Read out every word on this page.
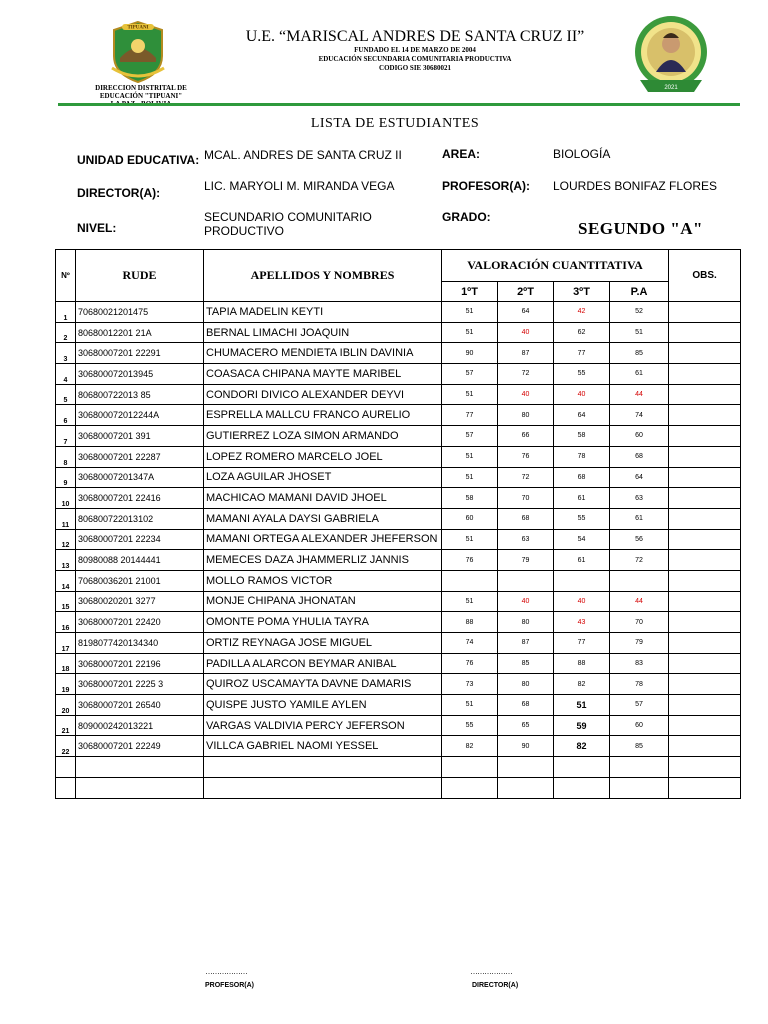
TIPUANI
DIRECCION DISTRITAL DE
EDUCACIÓN "TIPUANI"
U.E. “MARISCAL ANDRES DE SANTA CRUZ II”
FUNDADO EL 14 DE MARZO DE 2004
EDUCACIÓN SECUNDARIA COMUNITARIA PRODUCTIVA
CODIGO SIE 30680021
2021
LISTA DE ESTUDIANTES
UNIDAD EDUCATIVA: MCAL. ANDRES DE SANTA CRUZ II	AREA:	BIOLOGÍA
DIRECTOR(A):	LIC. MARYOLI M. MIRANDA VEGA	PROFESOR(A): LOURDES BONIFAZ FLORES
NIVEL:
SECUNDARIO COMUNITARIO
PRODUCTIVO
GRADO:
SEGUNDO "A"
Nº	RUDE	APELLIDOS Y NOMBRES	VALORACIÓN CUANTITATIVA				OBS.
			1ºT	2ºT	3ºT	P.A	
1	70680021201475	TAPIA MADELIN KEYTI	51	64	42	52	
2	80680012201 21A	BERNAL LIMACHI JOAQUIN	51	40	62	51	
3	30680007201 22291	CHUMACERO MENDIETA IBLIN DAVINIA	90	87	77	85	
4	306800072013945	COASACA CHIPANA MAYTE MARIBEL	57	72	55	61	
5	806800722013 85	CONDORI DIVICO ALEXANDER DEYVI	51	40	40	44	
6	306800072012244A	ESPRELLA MALLCU FRANCO AURELIO	77	80	64	74	
7	30680007201 391	GUTIERREZ LOZA SIMON ARMANDO	57	66	58	60	
8	30680007201 22287	LOPEZ ROMERO MARCELO JOEL	51	76	78	68	
9	30680007201347A	LOZA AGUILAR JHOSET	51	72	68	64	
10	30680007201 22416	MACHICAO MAMANI DAVID JHOEL	58	70	61	63	
11	806800722013102	MAMANI AYALA DAYSI GABRIELA	60	68	55	61	
12	30680007201 22234	MAMANI ORTEGA ALEXANDER JHEFERSON	51	63	54	56	
13	80980088 20144441	MEMECES DAZA JHAMMERLIZ JANNIS	76	79	61	72	
14	70680036201 21001	MOLLO RAMOS VICTOR					
15	30680020201 3277	MONJE CHIPANA JHONATAN	51	40	40	44	
16	30680007201 22420	OMONTE POMA YHULIA TAYRA	88	80	43	70	
17	8198077420134340	ORTIZ REYNAGA JOSE MIGUEL	74	87	77	79	
18	30680007201 22196	PADILLA ALARCON BEYMAR ANIBAL	76	85	88	83	
19	30680007201 2225 3	QUIROZ USCAMAYTA DAVNE DAMARIS	73	80	82	78	
20	30680007201 26540	QUISPE JUSTO YAMILE AYLEN	51	68	51	57	
21	809000242013221	VARGAS VALDIVIA PERCY JEFERSON	55	65	59	60	
22	30680007201 22249	VILLCA GABRIEL NAOMI YESSEL	82	90	82	85	

………………
PROFESOR(A)
………………
DIRECTOR(A)
